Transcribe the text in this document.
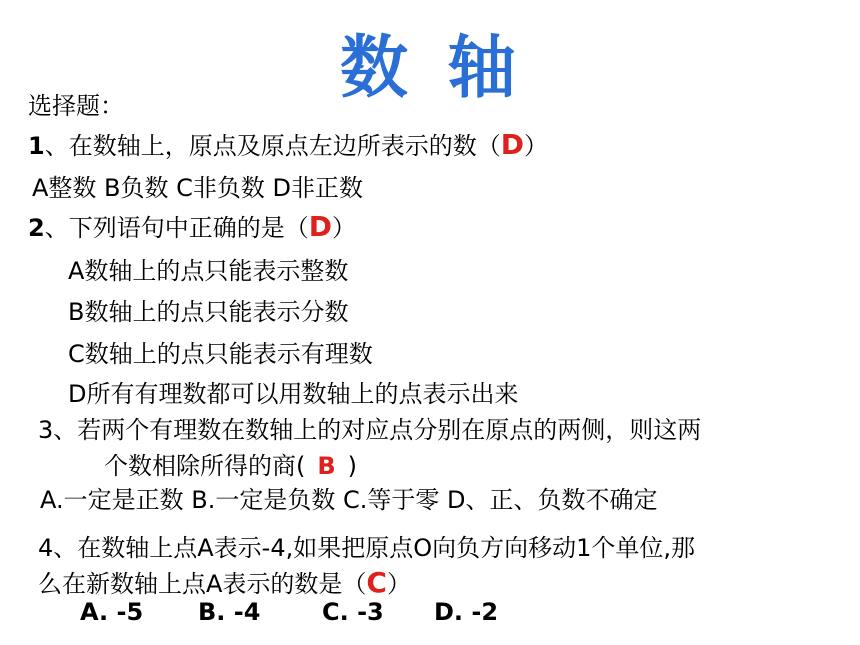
数 轴
选择题：
1、在数轴上，原点及原点左边所表示的数（D）
A整数 B负数 C非负数 D非正数
2、下列语句中正确的是（D）
A数轴上的点只能表示整数
B数轴上的点只能表示分数
C数轴上的点只能表示有理数
D所有有理数都可以用数轴上的点表示出来
3、若两个有理数在数轴上的对应点分别在原点的两侧，则这两
个数相除所得的商( B )
A.一定是正数 B.一定是负数 C.等于零 D、正、负数不确定
4、在数轴上点A表示-4,如果把原点O向负方向移动1个单位,那
么在新数轴上点A表示的数是（C）
A. -5 B. -4	C. -3 D. -2
